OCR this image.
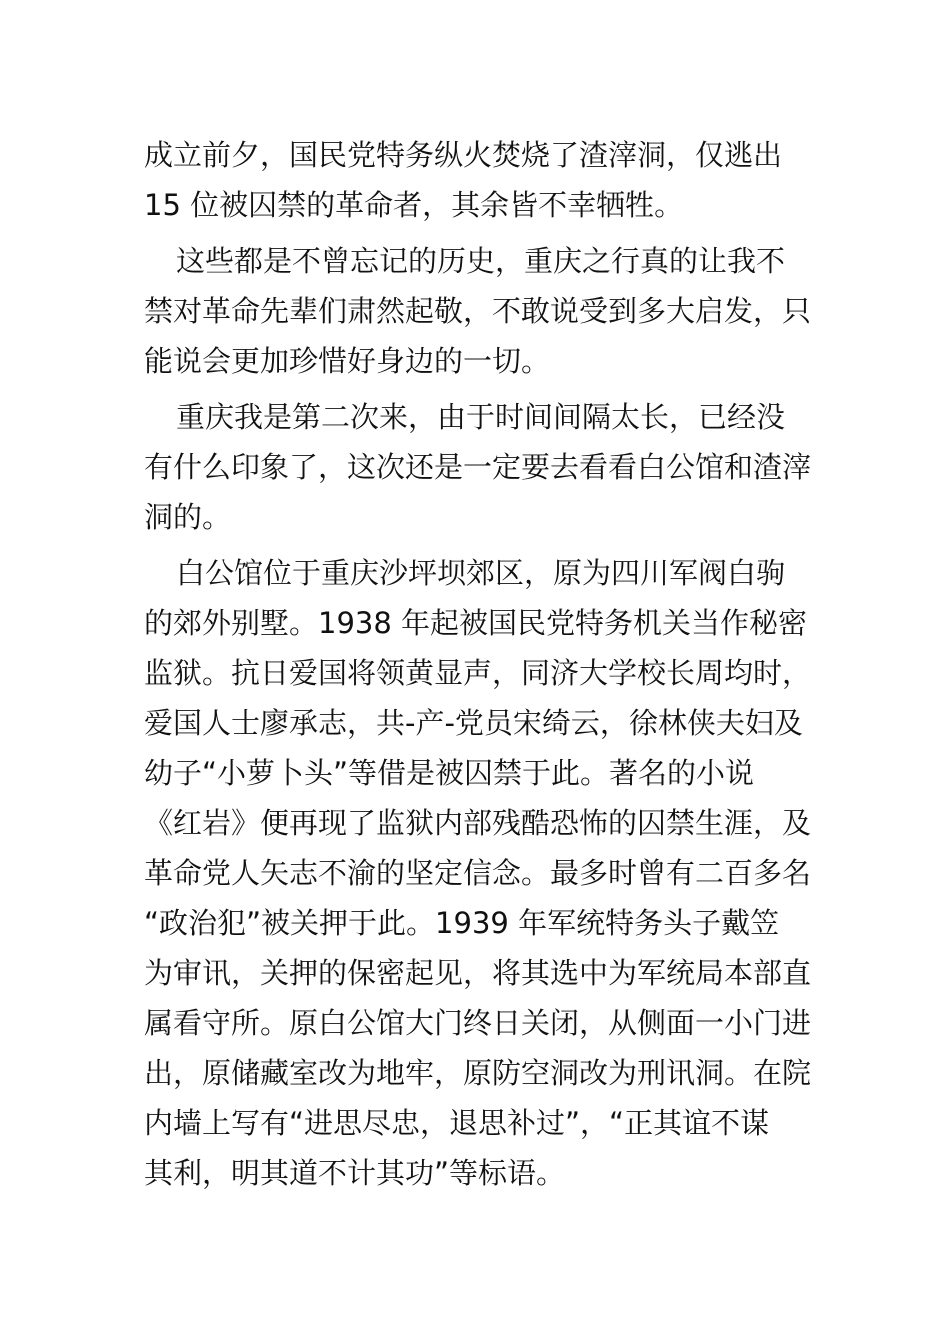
成立前夕，国民党特务纵火焚烧了渣滓洞，仅逃出
15 位被囚禁的革命者，其余皆不幸牺牲。
这些都是不曾忘记的历史，重庆之行真的让我不
禁对革命先辈们肃然起敬，不敢说受到多大启发，只
能说会更加珍惜好身边的一切。
重庆我是第二次来，由于时间间隔太长，已经没
有什么印象了，这次还是一定要去看看白公馆和渣滓
洞的。
白公馆位于重庆沙坪坝郊区，原为四川军阀白驹
的郊外别墅。1938 年起被国民党特务机关当作秘密
监狱。抗日爱国将领黄显声，同济大学校长周均时，
爱国人士廖承志，共-产-党员宋绮云，徐林侠夫妇及
幼子“小萝卜头”等借是被囚禁于此。著名的小说
《红岩》便再现了监狱内部残酷恐怖的囚禁生涯，及
革命党人矢志不渝的坚定信念。最多时曾有二百多名
“政治犯”被关押于此。1939 年军统特务头子戴笠
为审讯，关押的保密起见，将其选中为军统局本部直
属看守所。原白公馆大门终日关闭，从侧面一小门进
出，原储藏室改为地牢，原防空洞改为刑讯洞。在院
内墙上写有“进思尽忠，退思补过”，“正其谊不谋
其利，明其道不计其功”等标语。
